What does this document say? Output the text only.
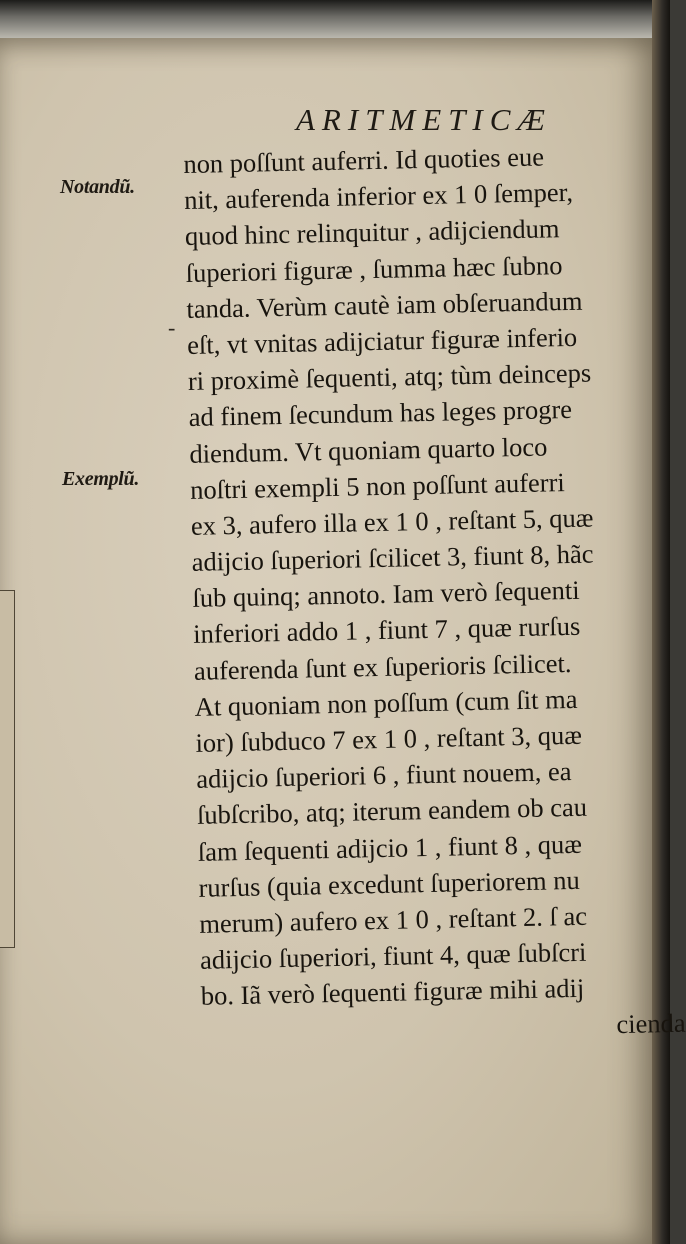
ARITMETICÆ
Notandũ.
Exemplũ.
-
non poſſunt auferri. Id quoties eue
nit, auferenda inferior ex 1 0 ſemper,
quod hinc relinquitur , adijciendum
ſuperiori figuræ , ſumma hæc ſubno
tanda. Verùm cautè iam obſeruandum
eſt, vt vnitas adijciatur figuræ inferio
ri proximè ſequenti, atq; tùm deinceps
ad finem ſecundum has leges progre
diendum. Vt quoniam quarto loco
noſtri exempli 5 non poſſunt auferri
ex 3, aufero illa ex 1 0 , reſtant 5, quæ
adijcio ſuperiori ſcilicet 3, fiunt 8, hãc
ſub quinq; annoto. Iam verò ſequenti
inferiori addo 1 , fiunt 7 , quæ rurſus
auferenda ſunt ex ſuperioris ſcilicet.
At quoniam non poſſum (cum ſit ma
ior) ſubduco 7 ex 1 0 , reſtant 3, quæ
adijcio ſuperiori 6 , fiunt nouem, ea
ſubſcribo, atq; iterum eandem ob cau
ſam ſequenti adijcio 1 , fiunt 8 , quæ
rurſus (quia excedunt ſuperiorem nu
merum) aufero ex 1 0 , reſtant 2. ſ ac
adijcio ſuperiori, fiunt 4, quæ ſubſcri
bo. Iã verò ſequenti figuræ mihi adij
cienda
